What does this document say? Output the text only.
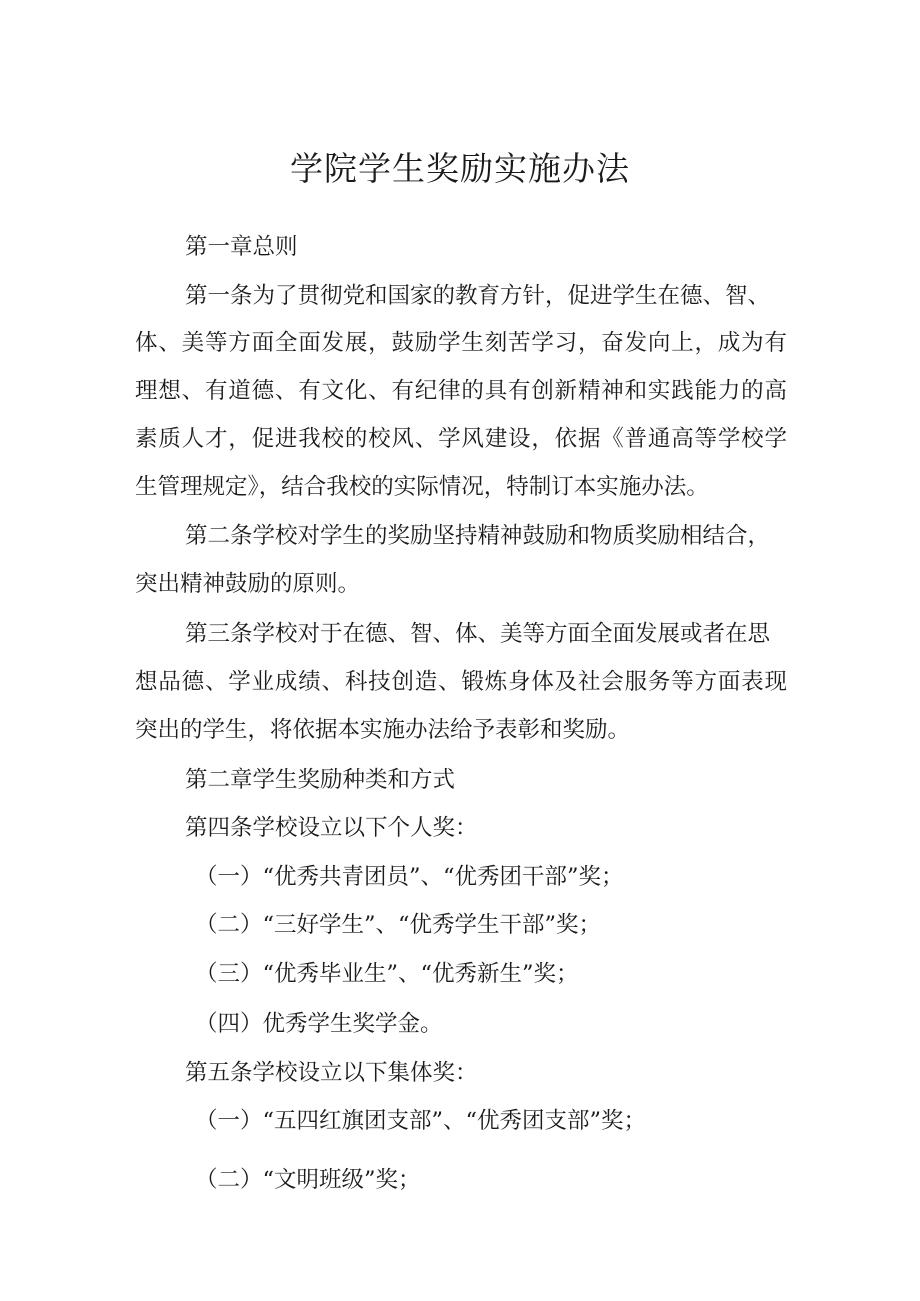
学院学生奖励实施办法

第一章总则

第一条为了贯彻党和国家的教育方针，促进学生在德、智、

体 、 美 等 方 面 全 面 发 展 ， 鼓 励 学 生 刻 苦 学 习 ， 奋 发 向 上 ， 成 为 有

理 想 、 有 道 德 、 有 文 化 、 有 纪 律 的 具 有 创 新 精 神 和 实 践 能 力 的 高

素 质 人 才 ， 促 进 我 校 的 校 风 、 学 风 建 设 ， 依 据 《 普 通 高 等 学 校 学

生管理规定》，结合我校的实际情况，特制订本实施办法。

第二条学校对学生的奖励坚持精神鼓励和物质奖励相结合，

突出精神鼓励的原则。

第三条学校对于在德、智、体、美等方面全面发展或者在思

想 品 德 、 学 业 成 绩 、 科 技 创 造 、 锻 炼 身 体 及 社 会 服 务 等 方 面 表 现

突出的学生，将依据本实施办法给予表彰和奖励。

第二章学生奖励种类和方式

第四条学校设立以下个人奖：

（一）“优秀共青团员”、“优秀团干部”奖；

（二）“三好学生”、“优秀学生干部”奖；

（三）“优秀毕业生”、“优秀新生”奖；

（四）优秀学生奖学金。

第五条学校设立以下集体奖：

（一）“五四红旗团支部”、“优秀团支部”奖；

（二）“文明班级”奖；
